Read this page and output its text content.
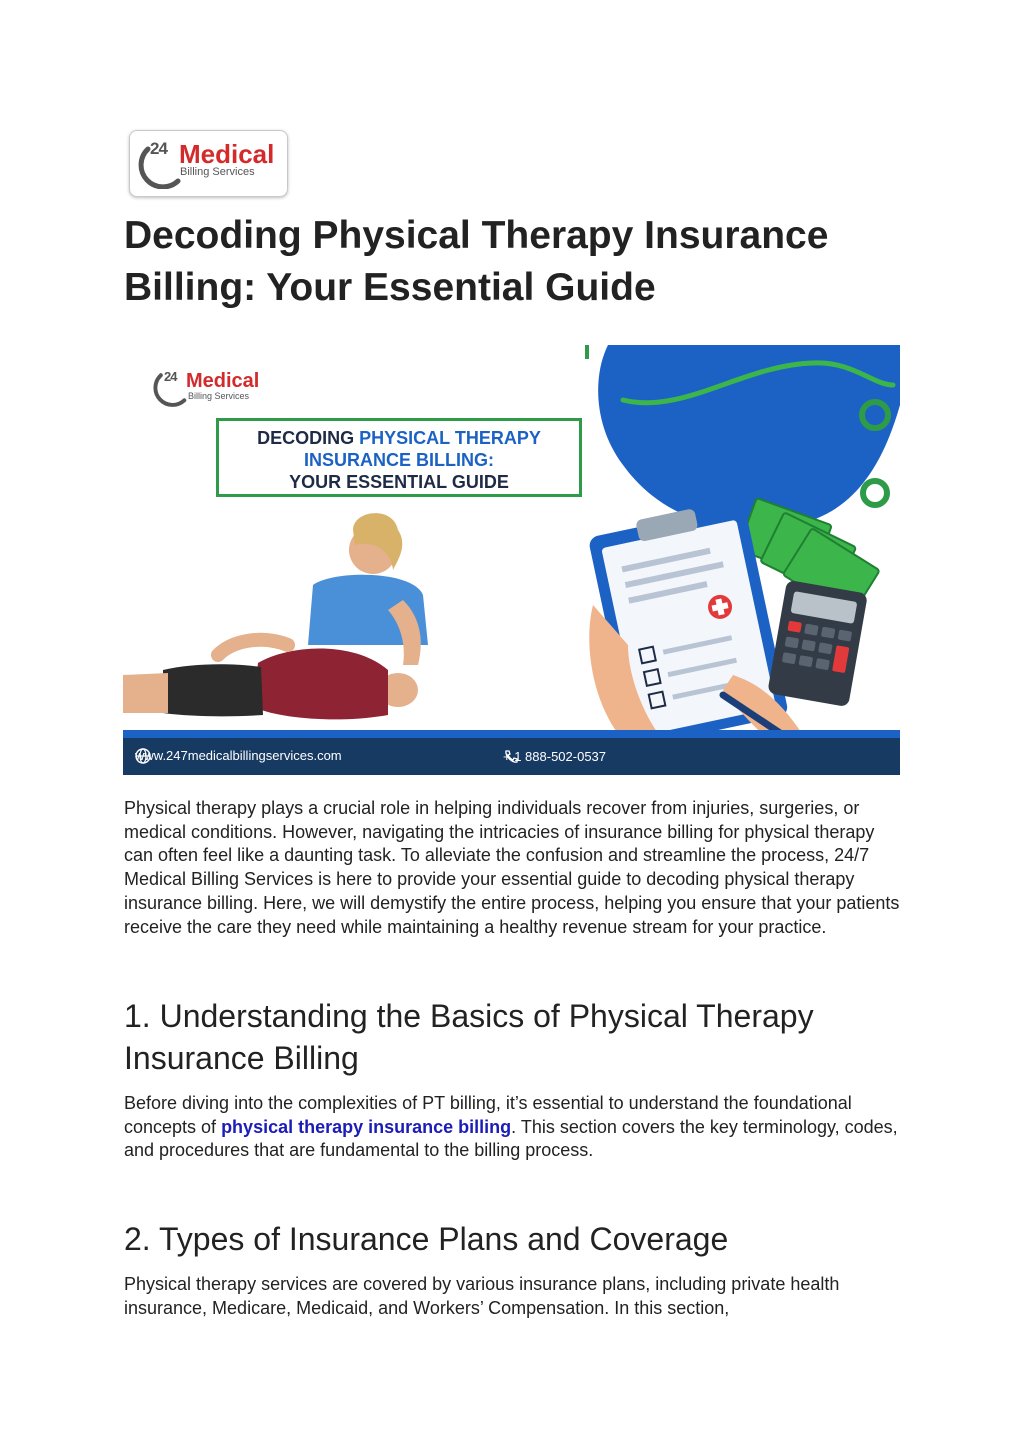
24 Medical
Billing Services
Decoding Physical Therapy Insurance Billing: Your Essential Guide
24 Medical
Billing Services
DECODING PHYSICAL THERAPY INSURANCE BILLING:
YOUR ESSENTIAL GUIDE
www.247medicalbillingservices.com	+ 1 888-502-0537

Physical therapy plays a crucial role in helping individuals recover from injuries, surgeries, or medical conditions. However, navigating the intricacies of insurance billing for physical therapy can often feel like a daunting task. To alleviate the confusion and streamline the process, 24/7 Medical Billing Services is here to provide your essential guide to decoding physical therapy insurance billing. Here, we will demystify the entire process, helping you ensure that your patients receive the care they need while maintaining a healthy revenue stream for your practice.

1. Understanding the Basics of Physical Therapy Insurance Billing

Before diving into the complexities of PT billing, it’s essential to understand the foundational concepts of physical therapy insurance billing. This section covers the key terminology, codes, and procedures that are fundamental to the billing process.

2. Types of Insurance Plans and Coverage

Physical therapy services are covered by various insurance plans, including private health insurance, Medicare, Medicaid, and Workers’ Compensation. In this section,
